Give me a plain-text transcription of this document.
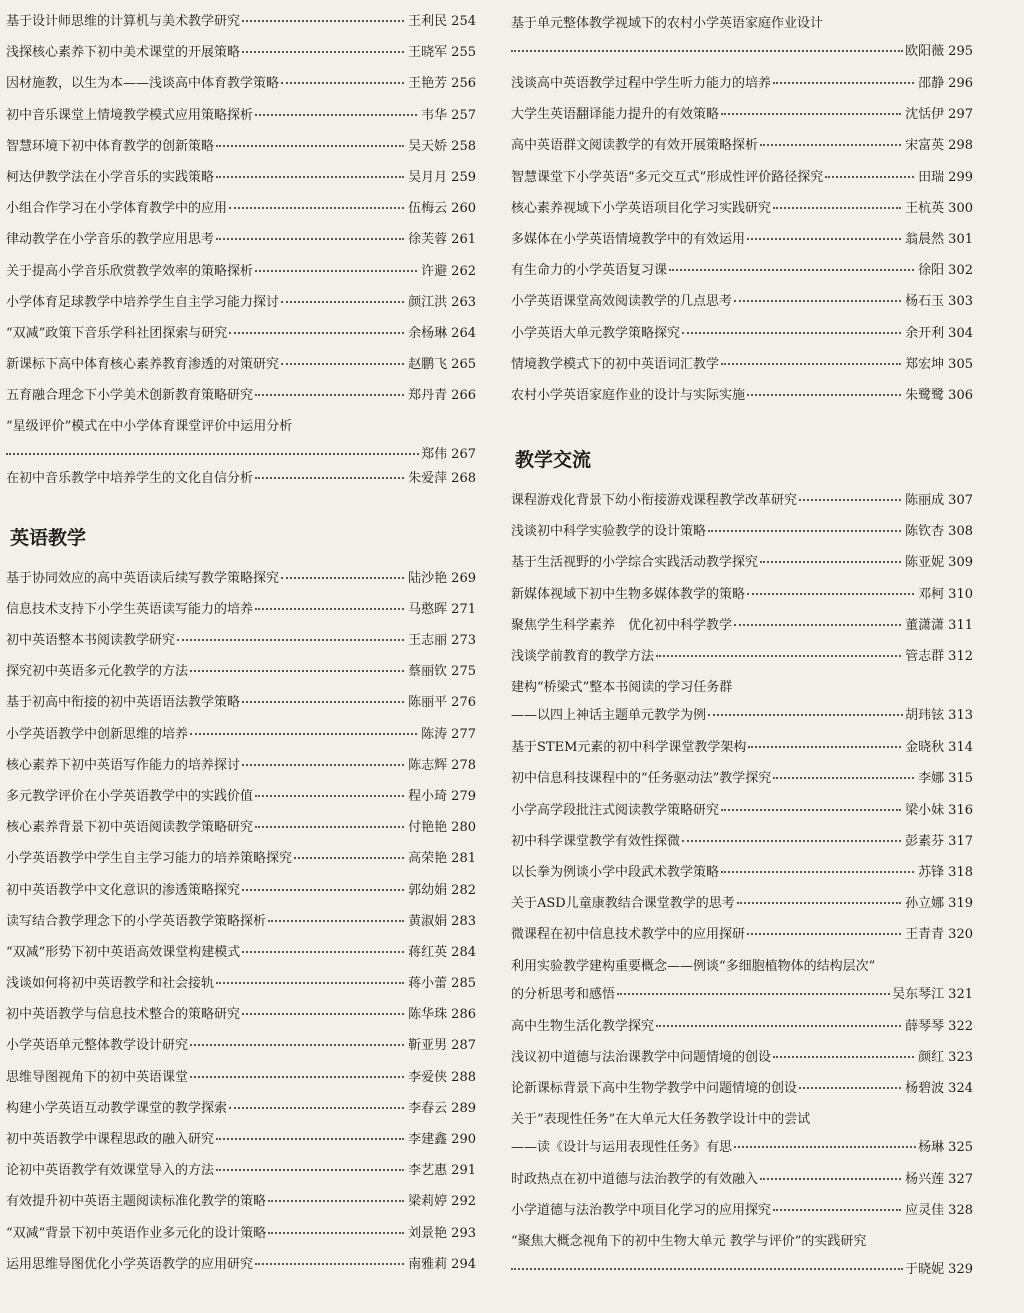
基于设计师思维的计算机与美术教学研究	王利民 254
浅探核心素养下初中美术课堂的开展策略	王晓军 255
因材施教，以生为本——浅谈高中体育教学策略	王艳芳 256
初中音乐课堂上情境教学模式应用策略探析	韦华 257
智慧环境下初中体育教学的创新策略	吴天娇 258
柯达伊教学法在小学音乐的实践策略	吴月月 259
小组合作学习在小学体育教学中的应用	伍梅云 260
律动教学在小学音乐的教学应用思考	徐芙蓉 261
关于提高小学音乐欣赏教学效率的策略探析	许避 262
小学体育足球教学中培养学生自主学习能力探讨	颜江洪 263
“双减”政策下音乐学科社团探索与研究	余杨琳 264
新课标下高中体育核心素养教育渗透的对策研究	赵鹏飞 265
五育融合理念下小学美术创新教育策略研究	郑丹青 266
“星级评价”模式在中小学体育课堂评价中运用分析
郑伟 267
在初中音乐教学中培养学生的文化自信分析	朱爱萍 268
英语教学
基于协同效应的高中英语读后续写教学策略探究	陆沙艳 269
信息技术支持下小学生英语读写能力的培养	马憨晖 271
初中英语整本书阅读教学研究	王志丽 273
探究初中英语多元化教学的方法	蔡丽钦 275
基于初高中衔接的初中英语语法教学策略	陈丽平 276
小学英语教学中创新思维的培养	陈涛 277
核心素养下初中英语写作能力的培养探讨	陈志辉 278
多元教学评价在小学英语教学中的实践价值	程小琦 279
核心素养背景下初中英语阅读教学策略研究	付艳艳 280
小学英语教学中学生自主学习能力的培养策略探究	高荣艳 281
初中英语教学中文化意识的渗透策略探究	郭幼娟 282
读写结合教学理念下的小学英语教学策略探析	黄淑娟 283
“双减”形势下初中英语高效课堂构建模式	蒋红英 284
浅谈如何将初中英语教学和社会接轨	蒋小蕾 285
初中英语教学与信息技术整合的策略研究	陈华珠 286
小学英语单元整体教学设计研究	靳亚男 287
思维导图视角下的初中英语课堂	李爱侠 288
构建小学英语互动教学课堂的教学探索	李春云 289
初中英语教学中课程思政的融入研究	李建鑫 290
论初中英语教学有效课堂导入的方法	李艺惠 291
有效提升初中英语主题阅读标准化教学的策略	梁莉婷 292
“双减”背景下初中英语作业多元化的设计策略	刘景艳 293
运用思维导图优化小学英语教学的应用研究	南雅莉 294
基于单元整体教学视域下的农村小学英语家庭作业设计
欧阳薇 295
浅谈高中英语教学过程中学生听力能力的培养	邵静 296
大学生英语翻译能力提升的有效策略	沈恬伊 297
高中英语群文阅读教学的有效开展策略探析	宋富英 298
智慧课堂下小学英语“多元交互式”形成性评价路径探究	田瑞 299
核心素养视域下小学英语项目化学习实践研究	王杭英 300
多媒体在小学英语情境教学中的有效运用	翁晨然 301
有生命力的小学英语复习课	徐阳 302
小学英语课堂高效阅读教学的几点思考	杨石玉 303
小学英语大单元教学策略探究	余开利 304
情境教学模式下的初中英语词汇教学	郑宏坤 305
农村小学英语家庭作业的设计与实际实施	朱鹭鹭 306
教学交流
课程游戏化背景下幼小衔接游戏课程教学改革研究	陈丽成 307
浅谈初中科学实验教学的设计策略	陈钦杏 308
基于生活视野的小学综合实践活动教学探究	陈亚妮 309
新媒体视域下初中生物多媒体教学的策略	邓柯 310
聚焦学生科学素养　优化初中科学教学	董潇潇 311
浅谈学前教育的教学方法	管志群 312
建构“桥梁式”整本书阅读的学习任务群
——以四上神话主题单元教学为例	胡玮铉 313
基于STEM元素的初中科学课堂教学架构	金晓秋 314
初中信息科技课程中的“任务驱动法”教学探究	李娜 315
小学高学段批注式阅读教学策略研究	梁小妹 316
初中科学课堂教学有效性探微	彭素芬 317
以长拳为例谈小学中段武术教学策略	苏锋 318
关于ASD儿童康教结合课堂教学的思考	孙立娜 319
微课程在初中信息技术教学中的应用探研	王青青 320
利用实验教学建构重要概念——例谈“多细胞植物体的结构层次”
的分析思考和感悟	吴东琴江 321
高中生物生活化教学探究	薛琴琴 322
浅议初中道德与法治课教学中问题情境的创设	颜红 323
论新课标背景下高中生物学教学中问题情境的创设	杨碧波 324
关于“表现性任务”在大单元大任务教学设计中的尝试
——读《设计与运用表现性任务》有思	杨琳 325
时政热点在初中道德与法治教学的有效融入	杨兴莲 327
小学道德与法治教学中项目化学习的应用探究	应灵佳 328
“聚焦大概念视角下的初中生物大单元 教学与评价”的实践研究
于晓妮 329
